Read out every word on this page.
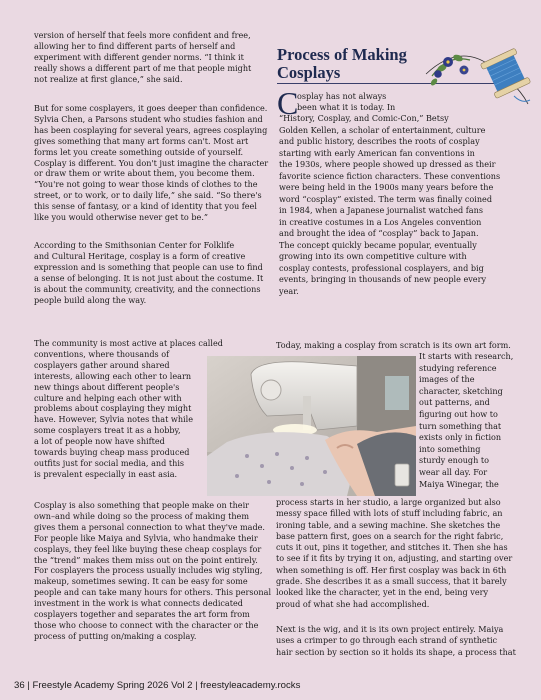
version of herself that feels more confident and free,

allowing her to find different parts of herself and

experiment with different gender norms. “I think it

really shows a different part of me that people might

not realize at first glance,” she said.

But for some cosplayers, it goes deeper than confidence.

Sylvia Chen, a Parsons student who studies fashion and

has been cosplaying for several years, agrees cosplaying

gives something that many art forms can't. Most art

forms let you create something outside of yourself.

Cosplay is different. You don't just imagine the character

or draw them or write about them, you become them.

“You're not going to wear those kinds of clothes to the

street, or to work, or to daily life,” she said. “So there's

this sense of fantasy, or a kind of identity that you feel

like you would otherwise never get to be.”

According to the Smithsonian Center for Folklife

and Cultural Heritage, cosplay is a form of creative

expression and is something that people can use to find

a sense of belonging. It is not just about the costume. It

is about the community, creativity, and the connections

people build along the way.

The community is most active at places called

conventions, where thousands of

cosplayers gather around shared

interests, allowing each other to learn

new things about different people's

culture and helping each other with

problems about cosplaying they might

have. However, Sylvia notes that while

some cosplayers treat it as a hobby,

a lot of people now have shifted

towards buying cheap mass produced

outfits just for social media, and this

is prevalent especially in east asia.

Cosplay is also something that people make on their

own–and while doing so the process of making them

gives them a personal connection to what they've made.

For people like Maiya and Sylvia, who handmake their

cosplays, they feel like buying these cheap cosplays for

the “trend” makes them miss out on the point entirely.

For cosplayers the process usually includes wig styling,

makeup, sometimes sewing. It can be easy for some

people and can take many hours for others. This personal

investment in the work is what connects dedicated

cosplayers together and separates the art form from

those who choose to connect with the character or the

process of putting on/making a cosplay.

Process of Making Cosplays
C

osplay has not always

been what it is today. In

“History, Cosplay, and Comic-Con,” Betsy

Golden Kellen, a scholar of entertainment, culture

and public history, describes the roots of cosplay

starting with early American fan conventions in

the 1930s, where people showed up dressed as their

favorite science fiction characters. These conventions

were being held in the 1900s many years before the

word “cosplay” existed. The term was finally coined

in 1984, when a Japanese journalist watched fans

in creative costumes in a Los Angeles convention

and brought the idea of “cosplay” back to Japan.

The concept quickly became popular, eventually

growing into its own competitive culture with

cosplay contests, professional cosplayers, and big

events, bringing in thousands of new people every

year.

Today, making a cosplay from scratch is its own art form.

It starts with research,

studying reference

images of the

character, sketching

out patterns, and

figuring out how to

turn something that

exists only in fiction

into something

sturdy enough to

wear all day. For

Maiya Winegar, the

process starts in her studio, a large organized but also

messy space filled with lots of stuff including fabric, an

ironing table, and a sewing machine. She sketches the

base pattern first, goes on a search for the right fabric,

cuts it out, pins it together, and stitches it. Then she has

to see if it fits by trying it on, adjusting, and starting over

when something is off. Her first cosplay was back in 6th

grade. She describes it as a small success, that it barely

looked like the character, yet in the end, being very

proud of what she had accomplished.

Next is the wig, and it is its own project entirely. Maiya

uses a crimper to go through each strand of synthetic

hair section by section so it holds its shape, a process that

36 | Freestyle Academy Spring 2026 Vol 2 | freestyleacademy.rocks
